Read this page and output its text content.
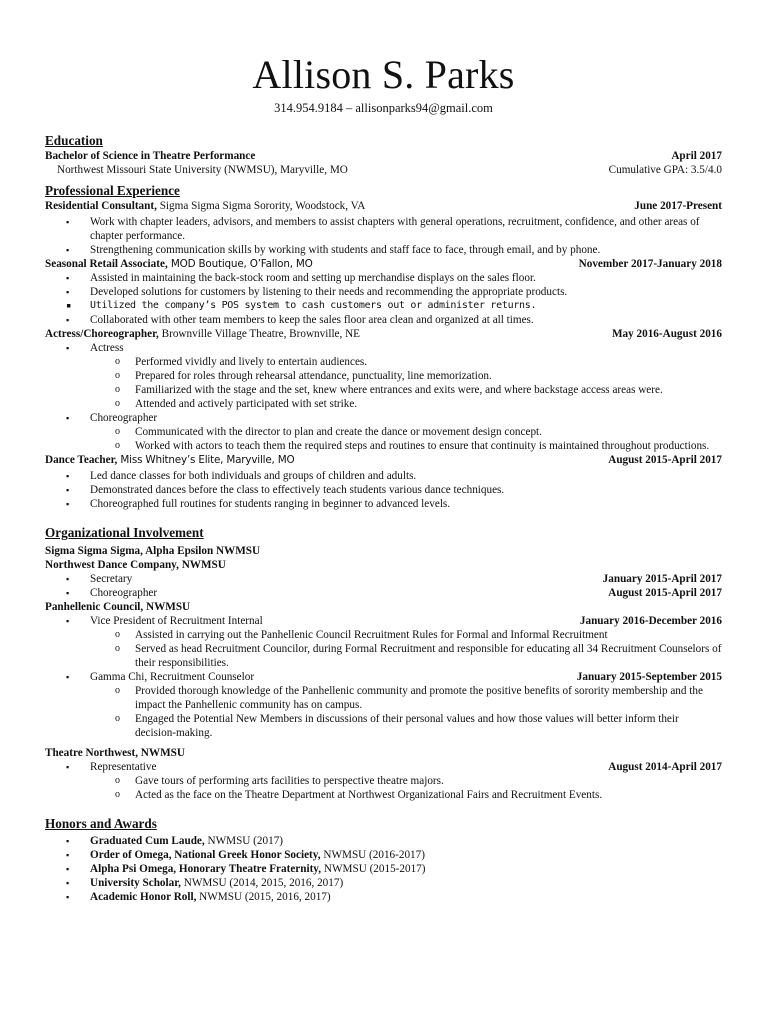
Allison S. Parks
314.954.9184 – allisonparks94@gmail.com
Education
Bachelor of Science in Theatre Performance	April 2017
Northwest Missouri State University (NWMSU), Maryville, MO	Cumulative GPA: 3.5/4.0
Professional Experience
Residential Consultant, Sigma Sigma Sigma Sorority, Woodstock, VA	June 2017-Present
▪ Work with chapter leaders, advisors, and members to assist chapters with general operations, recruitment, confidence, and other areas of chapter performance.
▪ Strengthening communication skills by working with students and staff face to face, through email, and by phone.
Seasonal Retail Associate, MOD Boutique, O’Fallon, MO	November 2017-January 2018
▪ Assisted in maintaining the back-stock room and setting up merchandise displays on the sales floor.
▪ Developed solutions for customers by listening to their needs and recommending the appropriate products.
▪ Utilized the company’s POS system to cash customers out or administer returns.
▪ Collaborated with other team members to keep the sales floor area clean and organized at all times.
Actress/Choreographer, Brownville Village Theatre, Brownville, NE	May 2016-August 2016
▪ Actress
o Performed vividly and lively to entertain audiences.
o Prepared for roles through rehearsal attendance, punctuality, line memorization.
o Familiarized with the stage and the set, knew where entrances and exits were, and where backstage access areas were.
o Attended and actively participated with set strike.
▪ Choreographer
o Communicated with the director to plan and create the dance or movement design concept.
o Worked with actors to teach them the required steps and routines to ensure that continuity is maintained throughout productions.
Dance Teacher, Miss Whitney’s Elite, Maryville, MO	August 2015-April 2017
▪ Led dance classes for both individuals and groups of children and adults.
▪ Demonstrated dances before the class to effectively teach students various dance techniques.
▪ Choreographed full routines for students ranging in beginner to advanced levels.
Organizational Involvement
Sigma Sigma Sigma, Alpha Epsilon NWMSU
Northwest Dance Company, NWMSU
▪ Secretary	January 2015-April 2017
▪ Choreographer	August 2015-April 2017
Panhellenic Council, NWMSU
▪ Vice President of Recruitment Internal	January 2016-December 2016
o Assisted in carrying out the Panhellenic Council Recruitment Rules for Formal and Informal Recruitment
o Served as head Recruitment Councilor, during Formal Recruitment and responsible for educating all 34 Recruitment Counselors of their responsibilities.
▪ Gamma Chi, Recruitment Counselor	January 2015-September 2015
o Provided thorough knowledge of the Panhellenic community and promote the positive benefits of sorority membership and the impact the Panhellenic community has on campus.
o Engaged the Potential New Members in discussions of their personal values and how those values will better inform their decision-making.
Theatre Northwest, NWMSU
▪ Representative	August 2014-April 2017
o Gave tours of performing arts facilities to perspective theatre majors.
o Acted as the face on the Theatre Department at Northwest Organizational Fairs and Recruitment Events.
Honors and Awards
▪ Graduated Cum Laude, NWMSU (2017)
▪ Order of Omega, National Greek Honor Society, NWMSU (2016-2017)
▪ Alpha Psi Omega, Honorary Theatre Fraternity, NWMSU (2015-2017)
▪ University Scholar, NWMSU (2014, 2015, 2016, 2017)
▪ Academic Honor Roll, NWMSU (2015, 2016, 2017)
